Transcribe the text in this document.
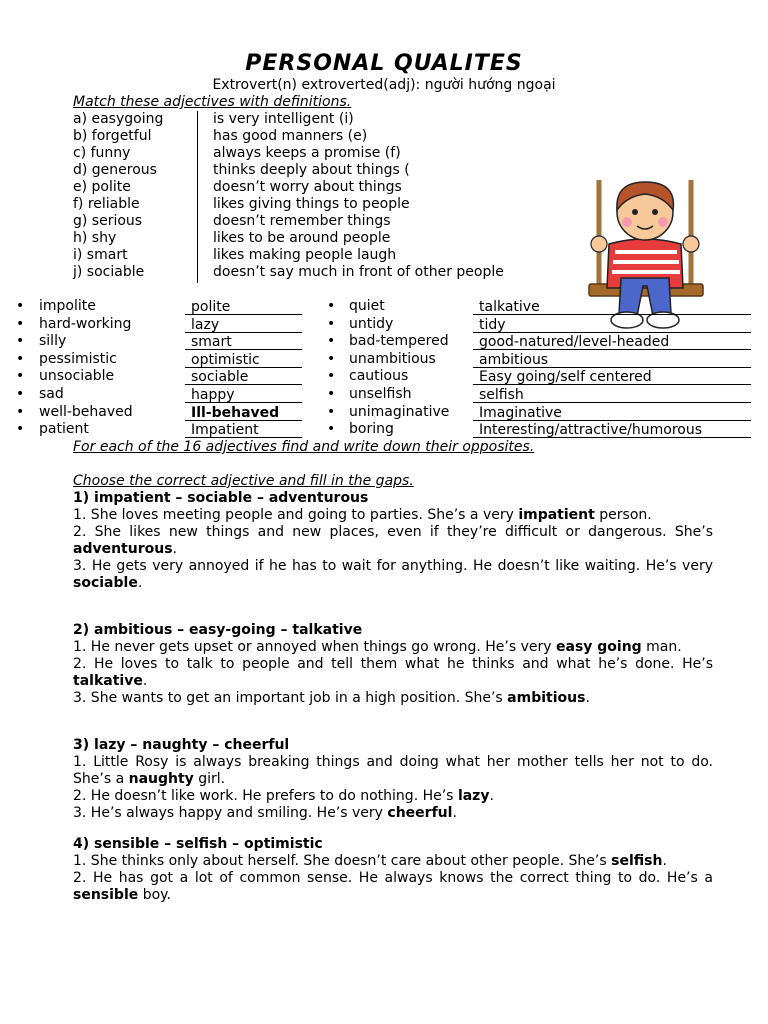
PERSONAL QUALITES
Extrovert(n) extroverted(adj): người hướng ngoại
Match these adjectives with definitions.
a) easygoing	is very intelligent (i)
b) forgetful	has good manners (e)
c) funny	always keeps a promise (f)
d) generous	thinks deeply about things (
e) polite	doesn’t worry about things
f) reliable	likes giving things to people
g) serious	doesn’t remember things
h) shy	likes to be around people
i) smart	likes making people laugh
j) sociable	doesn’t say much in front of other people
• impolite	polite
• hard-working	lazy
• silly	smart
• pessimistic	optimistic
• unsociable	sociable
• sad	happy
• well-behaved	Ill-behaved
• patient	Impatient
• quiet	talkative
• untidy	tidy
• bad-tempered	good-natured/level-headed
• unambitious	ambitious
• cautious	Easy going/self centered
• unselfish	selfish
• unimaginative	Imaginative
• boring	Interesting/attractive/humorous
For each of the 16 adjectives find and write down their opposites.
Choose the correct adjective and fill in the gaps.
1) impatient – sociable – adventurous
1. She loves meeting people and going to parties. She’s a very impatient person.
2. She likes new things and new places, even if they’re difficult or dangerous. She’s adventurous.
3. He gets very annoyed if he has to wait for anything. He doesn’t like waiting. He’s very sociable.
2) ambitious – easy-going – talkative
1. He never gets upset or annoyed when things go wrong. He’s very easy going man.
2. He loves to talk to people and tell them what he thinks and what he’s done. He’s talkative.
3. She wants to get an important job in a high position. She’s ambitious.
3) lazy – naughty – cheerful
1. Little Rosy is always breaking things and doing what her mother tells her not to do. She’s a naughty girl.
2. He doesn’t like work. He prefers to do nothing. He’s lazy.
3. He’s always happy and smiling. He’s very cheerful.
4) sensible – selfish – optimistic
1. She thinks only about herself. She doesn’t care about other people. She’s selfish.
2. He has got a lot of common sense. He always knows the correct thing to do. He’s a sensible boy.
